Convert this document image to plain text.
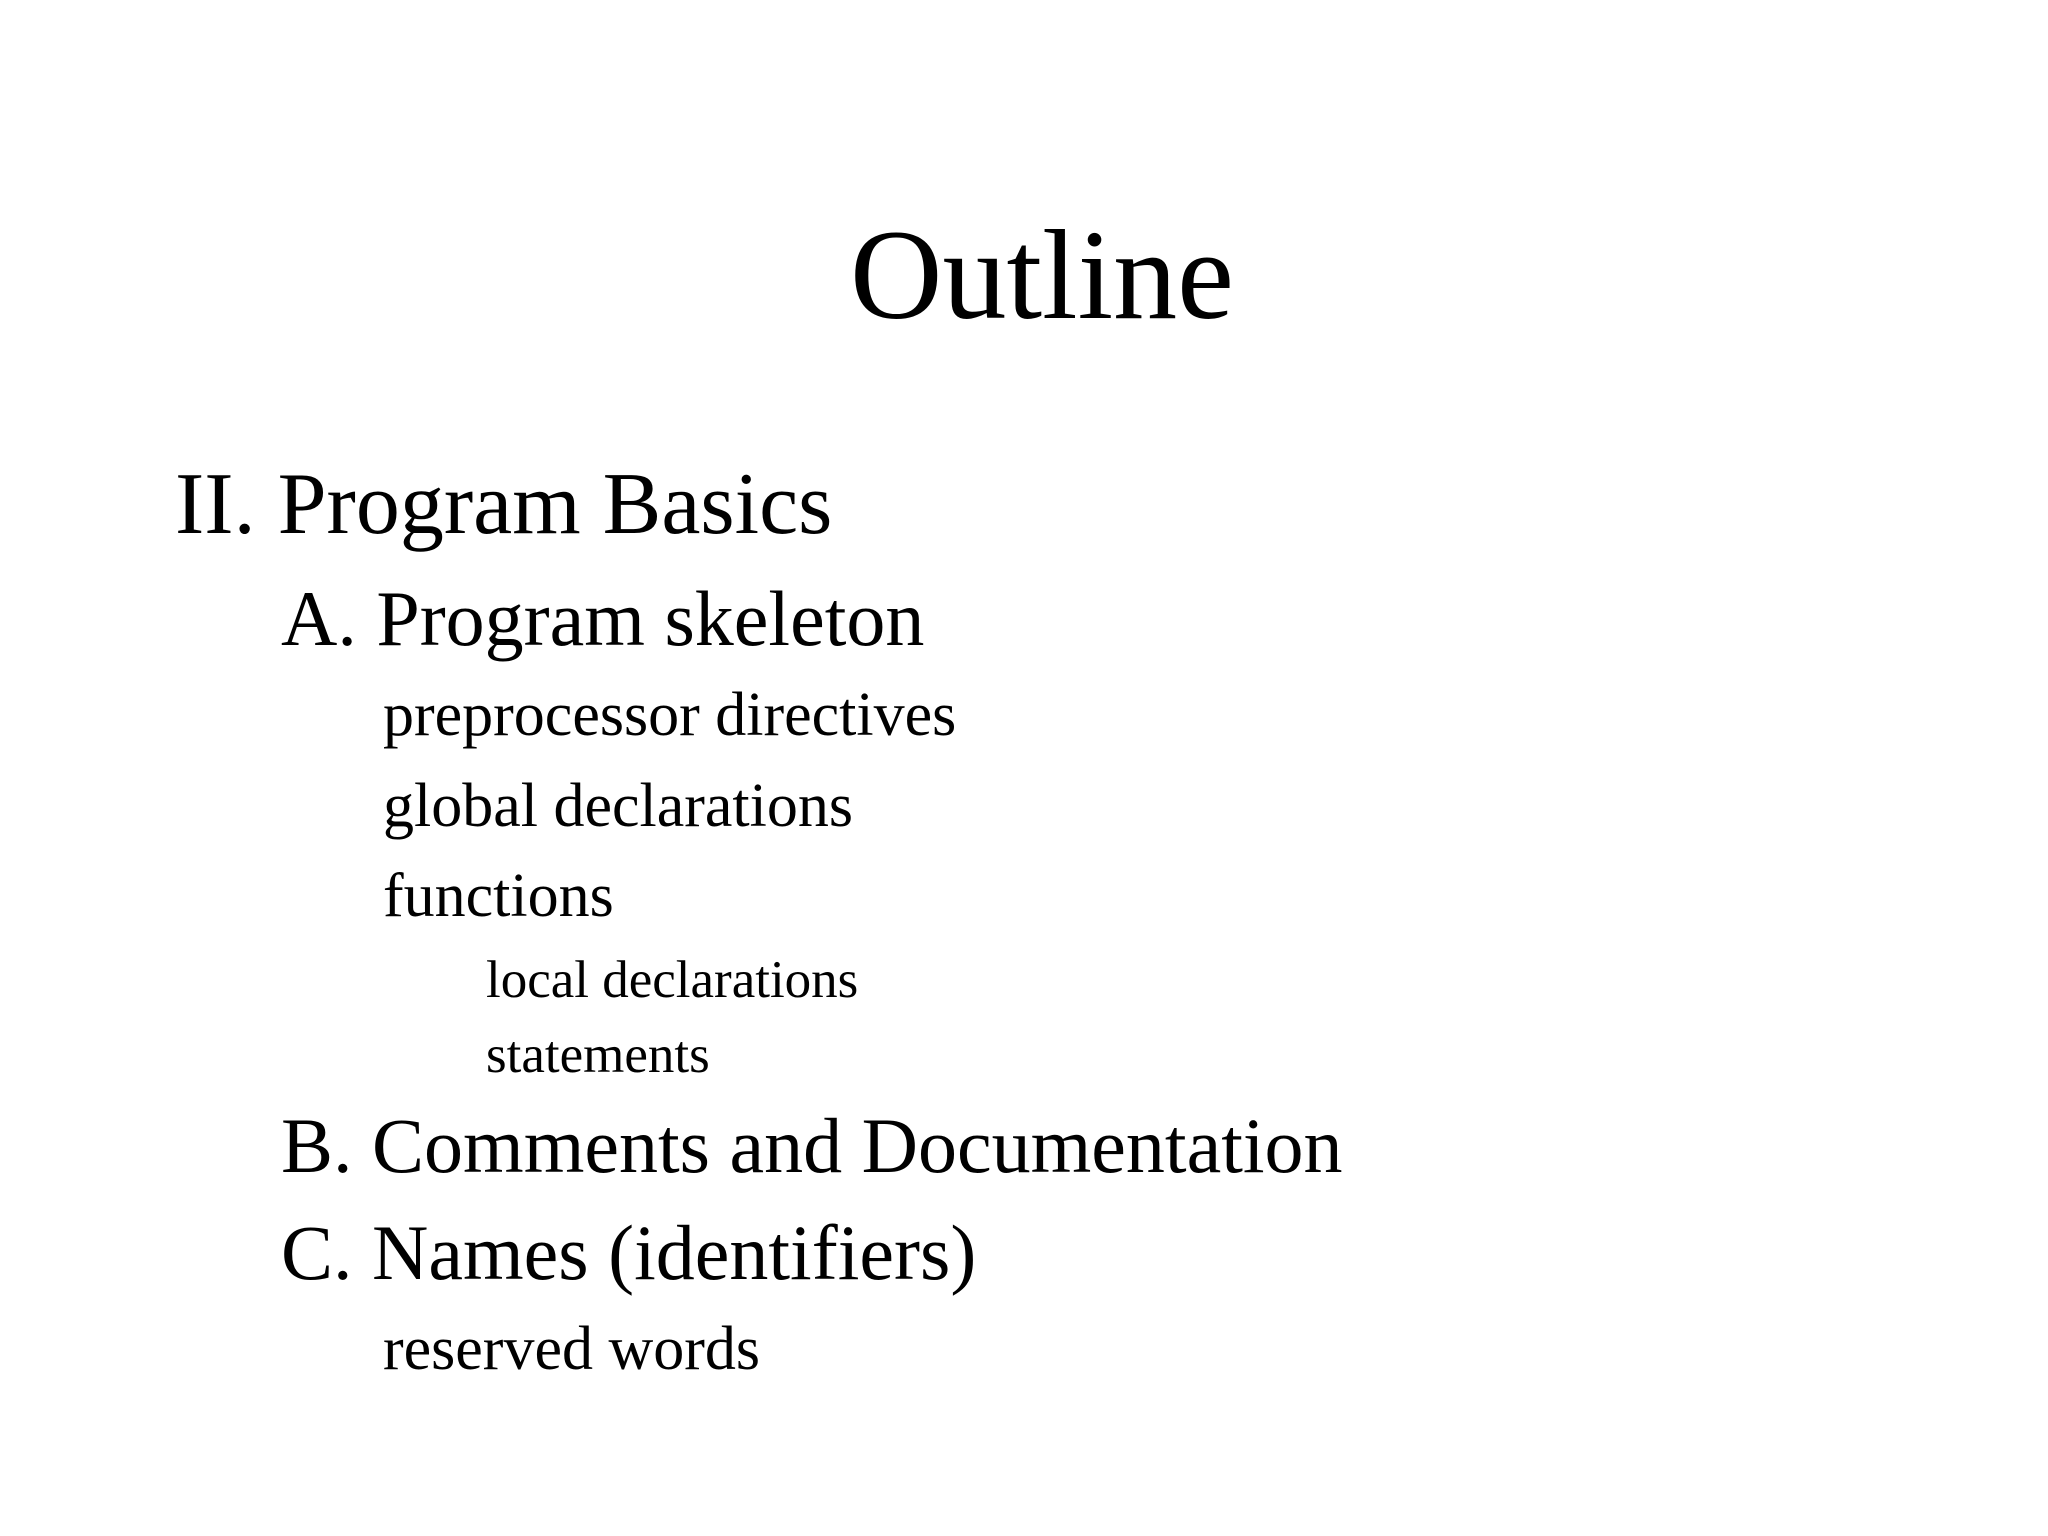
Outline
II. Program Basics
A. Program skeleton
preprocessor directives
global declarations
functions
local declarations
statements
B. Comments and Documentation
C. Names (identifiers)
reserved words
